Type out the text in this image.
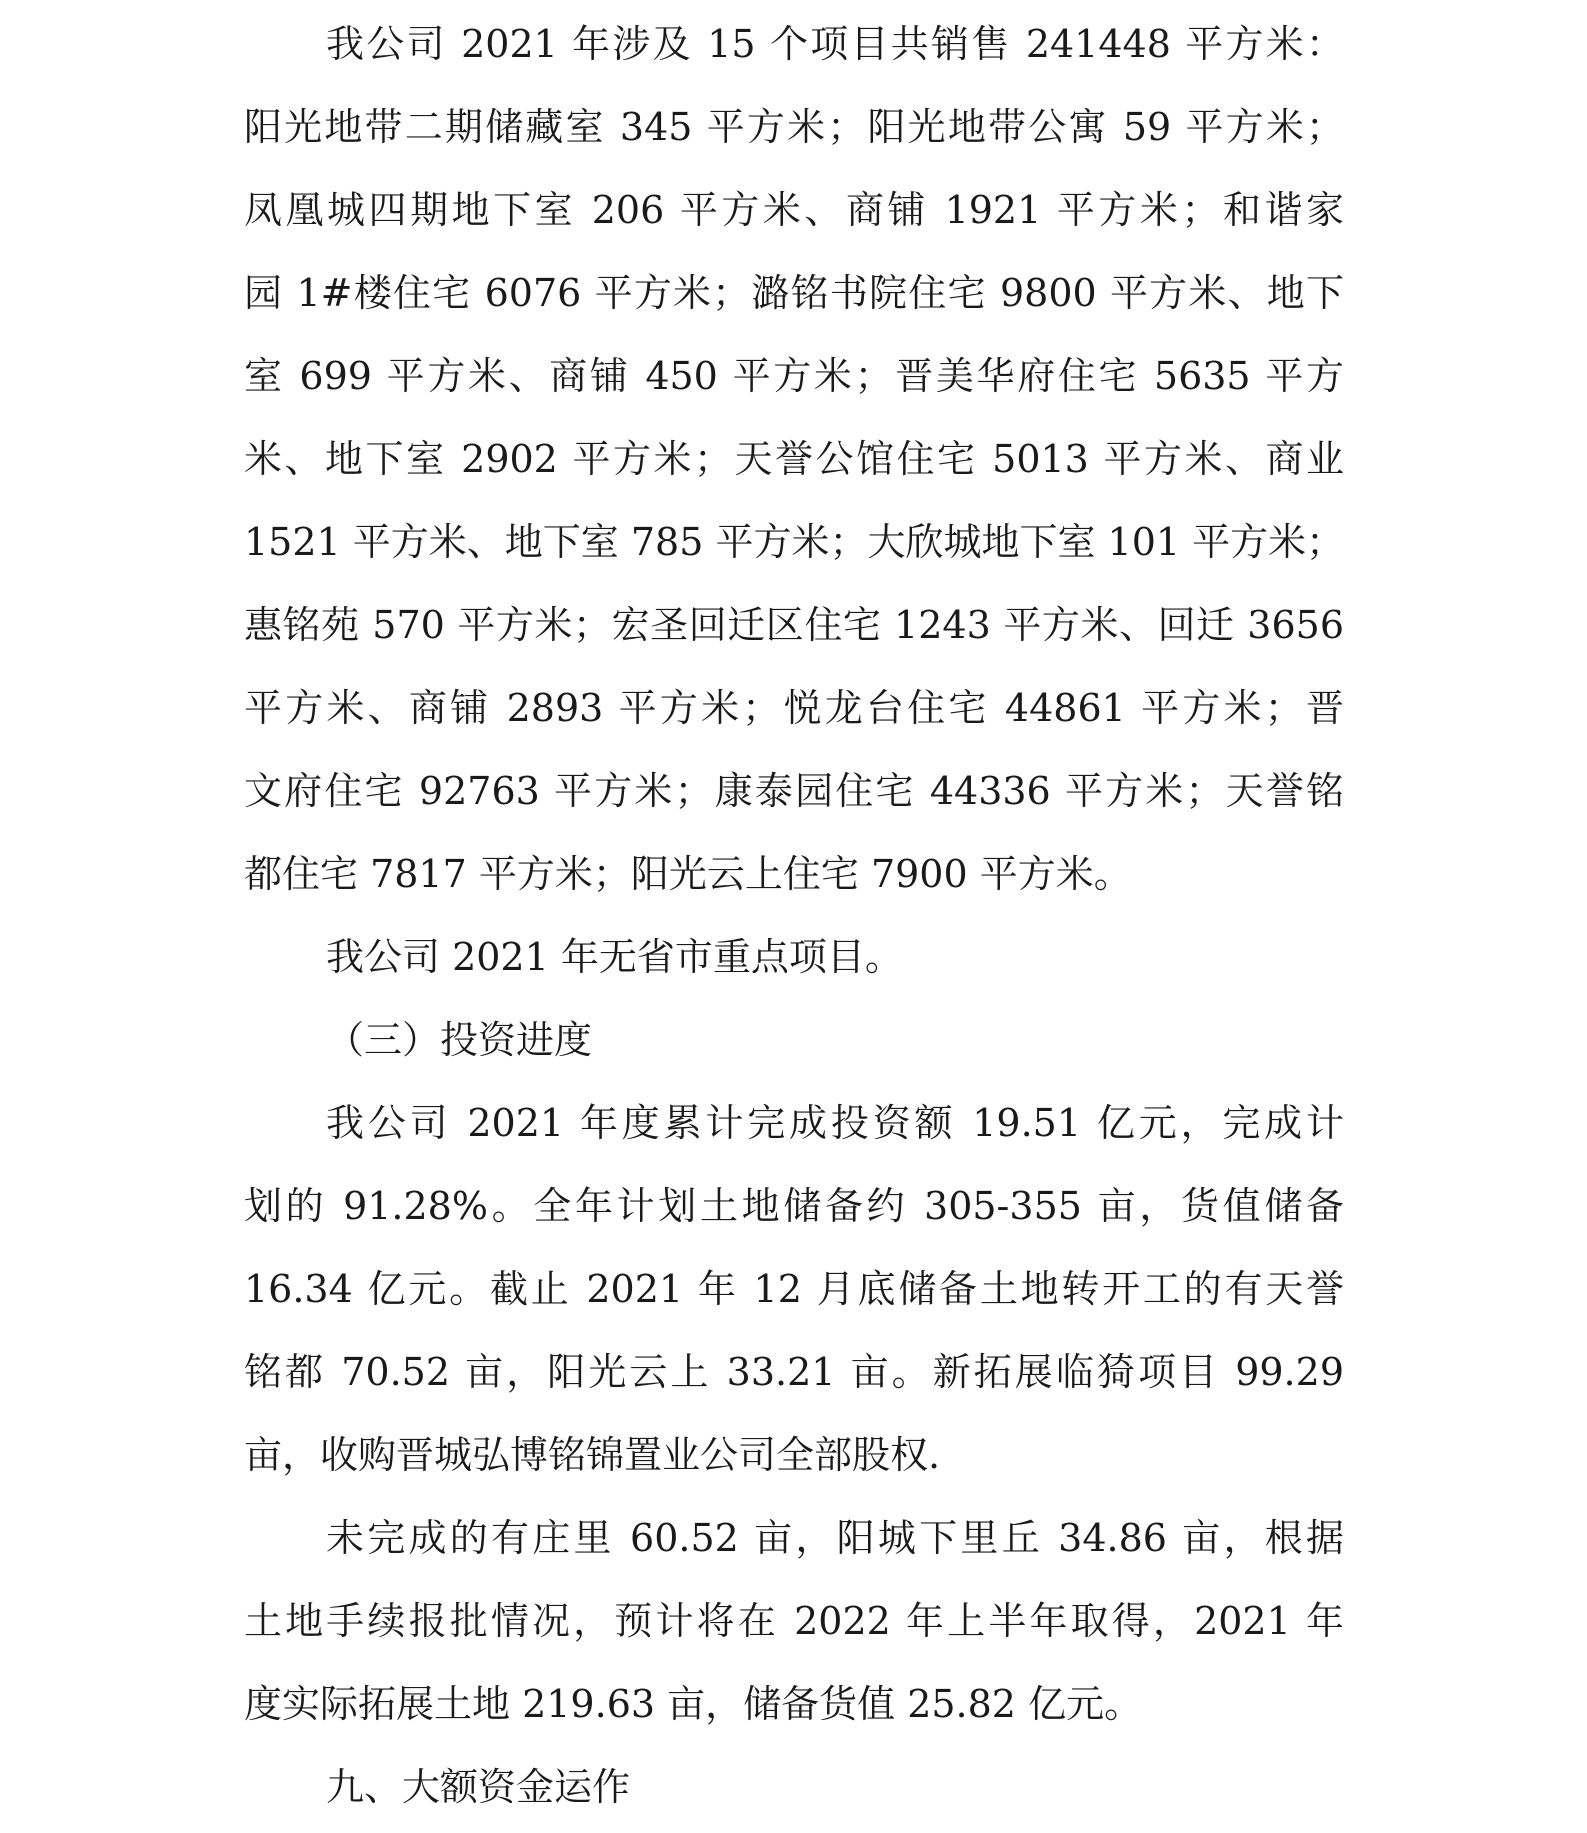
我公司 2021 年涉及 15 个项目共销售 241448 平方米：
阳光地带二期储藏室 345 平方米；阳光地带公寓 59 平方米；
凤凰城四期地下室 206 平方米、商铺 1921 平方米；和谐家
园 1#楼住宅 6076 平方米；潞铭书院住宅 9800 平方米、地下
室 699 平方米、商铺 450 平方米；晋美华府住宅 5635 平方
米、地下室 2902 平方米；天誉公馆住宅 5013 平方米、商业
1521 平方米、地下室 785 平方米；大欣城地下室 101 平方米；
惠铭苑 570 平方米；宏圣回迁区住宅 1243 平方米、回迁 3656
平方米、商铺 2893 平方米；悦龙台住宅 44861 平方米；晋
文府住宅 92763 平方米；康泰园住宅 44336 平方米；天誉铭
都住宅 7817 平方米；阳光云上住宅 7900 平方米。
我公司 2021 年无省市重点项目。
（三）投资进度
我公司 2021 年度累计完成投资额 19.51 亿元，完成计
划的 91.28%。全年计划土地储备约 305-355 亩，货值储备
16.34 亿元。截止 2021 年 12 月底储备土地转开工的有天誉
铭都 70.52 亩，阳光云上 33.21 亩。新拓展临猗项目 99.29
亩，收购晋城弘博铭锦置业公司全部股权.
未完成的有庄里 60.52 亩，阳城下里丘 34.86 亩，根据
土地手续报批情况，预计将在 2022 年上半年取得，2021 年
度实际拓展土地 219.63 亩，储备货值 25.82 亿元。
九、大额资金运作
